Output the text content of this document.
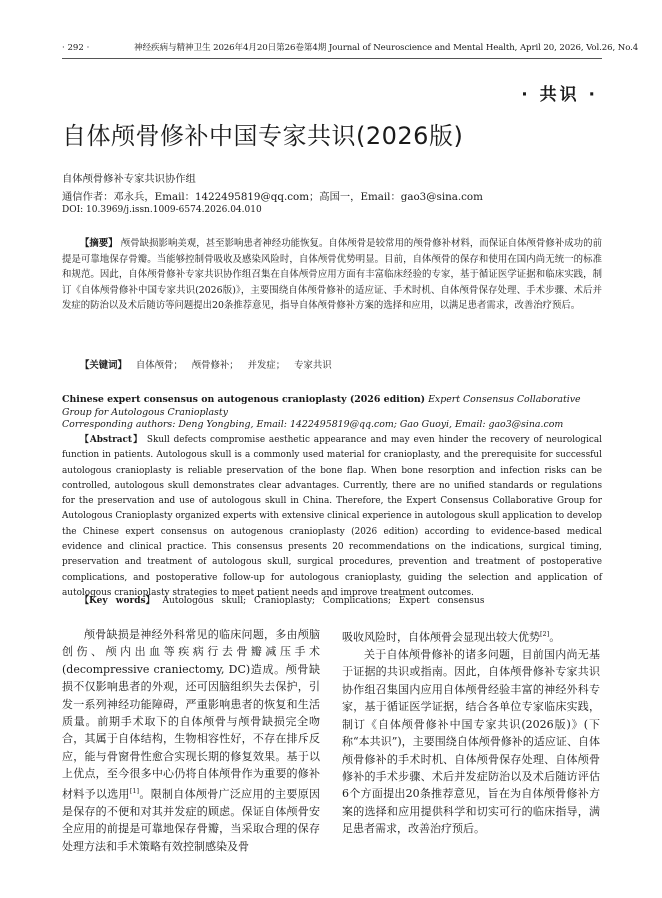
· 292 ·	神经疾病与精神卫生 2026年4月20日第26卷第4期 Journal of Neuroscience and Mental Health, April 20, 2026, Vol.26, No.4
· 共识 ·
自体颅骨修补中国专家共识(2026版)
自体颅骨修补专家共识协作组
通信作者：邓永兵，Email：1422495819@qq.com；高国一，Email：gao3@sina.com
DOI: 10.3969/j.issn.1009-6574.2026.04.010
【摘要】 颅骨缺损影响美观，甚至影响患者神经功能恢复。自体颅骨是较常用的颅骨修补材料，而保证自体颅骨修补成功的前提是可靠地保存骨瓣。当能够控制骨吸收及感染风险时，自体颅骨优势明显。目前，自体颅骨的保存和使用在国内尚无统一的标准和规范。因此，自体颅骨修补专家共识协作组召集在自体颅骨应用方面有丰富临床经验的专家，基于循证医学证据和临床实践，制订《自体颅骨修补中国专家共识(2026版)》，主要围绕自体颅骨修补的适应证、手术时机、自体颅骨保存处理、手术步骤、术后并发症的防治以及术后随访等问题提出20条推荐意见，指导自体颅骨修补方案的选择和应用，以满足患者需求，改善治疗预后。
【关键词】 自体颅骨； 颅骨修补； 并发症； 专家共识
Chinese expert consensus on autogenous cranioplasty (2026 edition) Expert Consensus Collaborative Group for Autologous Cranioplasty
Corresponding authors: Deng Yongbing, Email: 1422495819@qq.com; Gao Guoyi, Email: gao3@sina.com
【Abstract】 Skull defects compromise aesthetic appearance and may even hinder the recovery of neurological function in patients. Autologous skull is a commonly used material for cranioplasty, and the prerequisite for successful autologous cranioplasty is reliable preservation of the bone flap. When bone resorption and infection risks can be controlled, autologous skull demonstrates clear advantages. Currently, there are no unified standards or regulations for the preservation and use of autologous skull in China. Therefore, the Expert Consensus Collaborative Group for Autologous Cranioplasty organized experts with extensive clinical experience in autologous skull application to develop the Chinese expert consensus on autogenous cranioplasty (2026 edition) according to evidence-based medical evidence and clinical practice. This consensus presents 20 recommendations on the indications, surgical timing, preservation and treatment of autologous skull, surgical procedures, prevention and treatment of postoperative complications, and postoperative follow-up for autologous cranioplasty, guiding the selection and application of autologous cranioplasty strategies to meet patient needs and improve treatment outcomes.
【Key words】 Autologous skull; Cranioplasty; Complications; Expert consensus

颅骨缺损是神经外科常见的临床问题，多由颅脑创伤、颅内出血等疾病行去骨瓣减压手术(decompressive craniectomy, DC)造成。颅骨缺损不仅影响患者的外观，还可因脑组织失去保护，引发一系列神经功能障碍，严重影响患者的恢复和生活质量。前期手术取下的自体颅骨与颅骨缺损完全吻合，其属于自体结构，生物相容性好，不存在排斥反应，能与骨窗骨性愈合实现长期的修复效果。基于以上优点，至今很多中心仍将自体颅骨作为重要的修补材料予以选用[1]。限制自体颅骨广泛应用的主要原因是保存的不便和对其并发症的顾虑。保证自体颅骨安全应用的前提是可靠地保存骨瓣，当采取合理的保存处理方法和手术策略有效控制感染及骨

吸收风险时，自体颅骨会显现出较大优势[2]。

关于自体颅骨修补的诸多问题，目前国内尚无基于证据的共识或指南。因此，自体颅骨修补专家共识协作组召集国内应用自体颅骨经验丰富的神经外科专家，基于循证医学证据，结合各单位专家临床实践，制订《自体颅骨修补中国专家共识(2026版)》(下称“本共识”)，主要围绕自体颅骨修补的适应证、自体颅骨修补的手术时机、自体颅骨保存处理、自体颅骨修补的手术步骤、术后并发症防治以及术后随访评估6个方面提出20条推荐意见，旨在为自体颅骨修补方案的选择和应用提供科学和切实可行的临床指导，满足患者需求，改善治疗预后。
